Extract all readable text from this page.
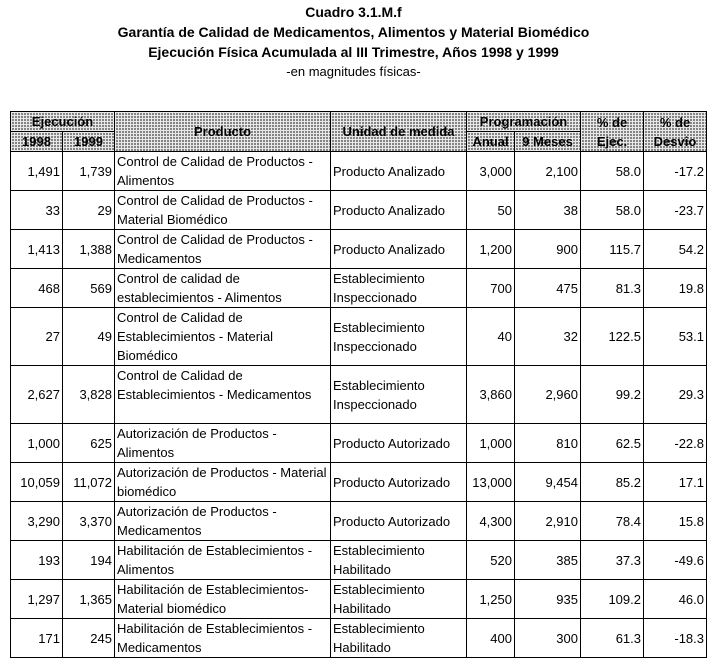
Cuadro 3.1.M.f
Garantía de Calidad de Medicamentos, Alimentos y Material Biomédico
Ejecución Física Acumulada al III Trimestre, Años 1998 y 1999
-en magnitudes físicas-
Ejecución		Producto	Unidad de medida	Programación		% de Ejec.	% de Desvio
1998	1999			Anual	9 Meses		
1,491	1,739	Control de Calidad de Productos - Alimentos	Producto Analizado	3,000	2,100	58.0	-17.2
33	29	Control de Calidad de Productos - Material Biomédico	Producto Analizado	50	38	58.0	-23.7
1,413	1,388	Control de Calidad de Productos - Medicamentos	Producto Analizado	1,200	900	115.7	54.2
468	569	Control de calidad de establecimientos - Alimentos	Establecimiento Inspeccionado	700	475	81.3	19.8
27	49	Control de Calidad de Establecimientos - Material Biomédico	Establecimiento Inspeccionado	40	32	122.5	53.1
2,627	3,828	Control de Calidad de Establecimientos - Medicamentos	Establecimiento Inspeccionado	3,860	2,960	99.2	29.3
1,000	625	Autorización de Productos - Alimentos	Producto Autorizado	1,000	810	62.5	-22.8
10,059	11,072	Autorización de Productos - Material biomédico	Producto Autorizado	13,000	9,454	85.2	17.1
3,290	3,370	Autorización de Productos - Medicamentos	Producto Autorizado	4,300	2,910	78.4	15.8
193	194	Habilitación de Establecimientos - Alimentos	Establecimiento Habilitado	520	385	37.3	-49.6
1,297	1,365	Habilitación de Establecimientos- Material biomédico	Establecimiento Habilitado	1,250	935	109.2	46.0
171	245	Habilitación de Establecimientos - Medicamentos	Establecimiento Habilitado	400	300	61.3	-18.3
